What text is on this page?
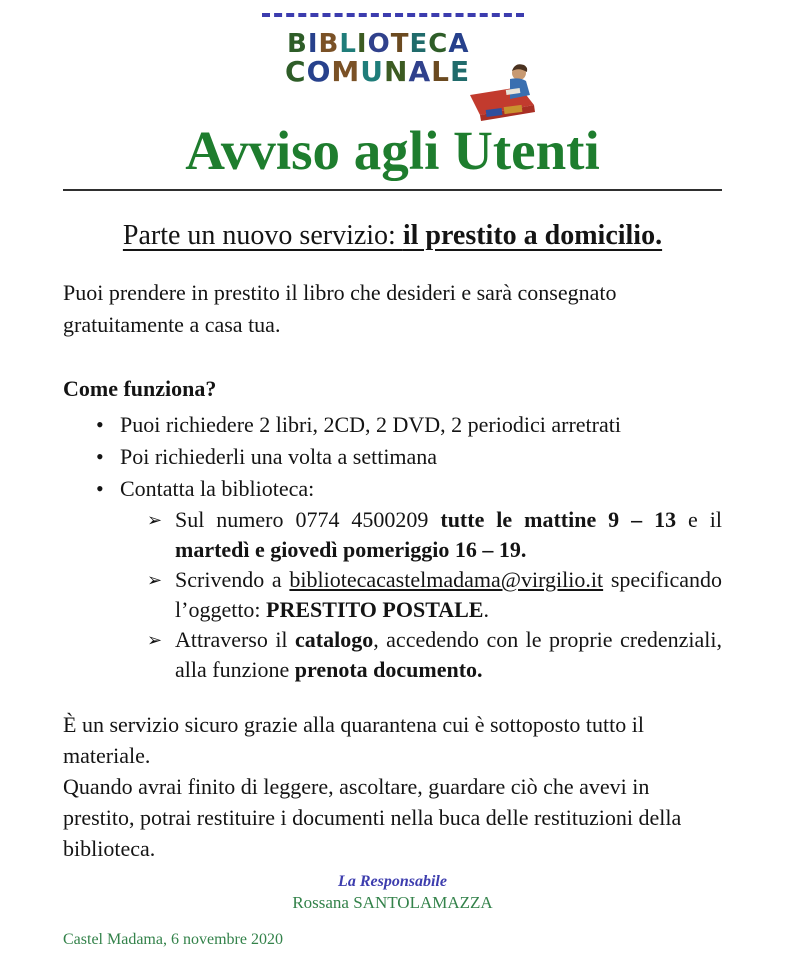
BIBLIOTECA
COMUNALE
Avviso agli Utenti
Parte un nuovo servizio: il prestito a domicilio.

Puoi prendere in prestito il libro che desideri e sarà consegnato gratuitamente a casa tua.

Come funziona?

• Puoi richiedere 2 libri, 2CD, 2 DVD, 2 periodici arretrati
• Poi richiederli una volta a settimana
• Contatta la biblioteca:
➢ Sul numero 0774 4500209 tutte le mattine 9 – 13 e il martedì e giovedì pomeriggio 16 – 19.
➢ Scrivendo a bibliotecacastelmadama@virgilio.it specificando l’oggetto: PRESTITO POSTALE.
➢ Attraverso il catalogo, accedendo con le proprie credenziali, alla funzione prenota documento.

È un servizio sicuro grazie alla quarantena cui è sottoposto tutto il materiale.

Quando avrai finito di leggere, ascoltare, guardare ciò che avevi in prestito, potrai restituire i documenti nella buca delle restituzioni della biblioteca.

La Responsabile
Rossana SANTOLAMAZZA
Castel Madama, 6 novembre 2020
